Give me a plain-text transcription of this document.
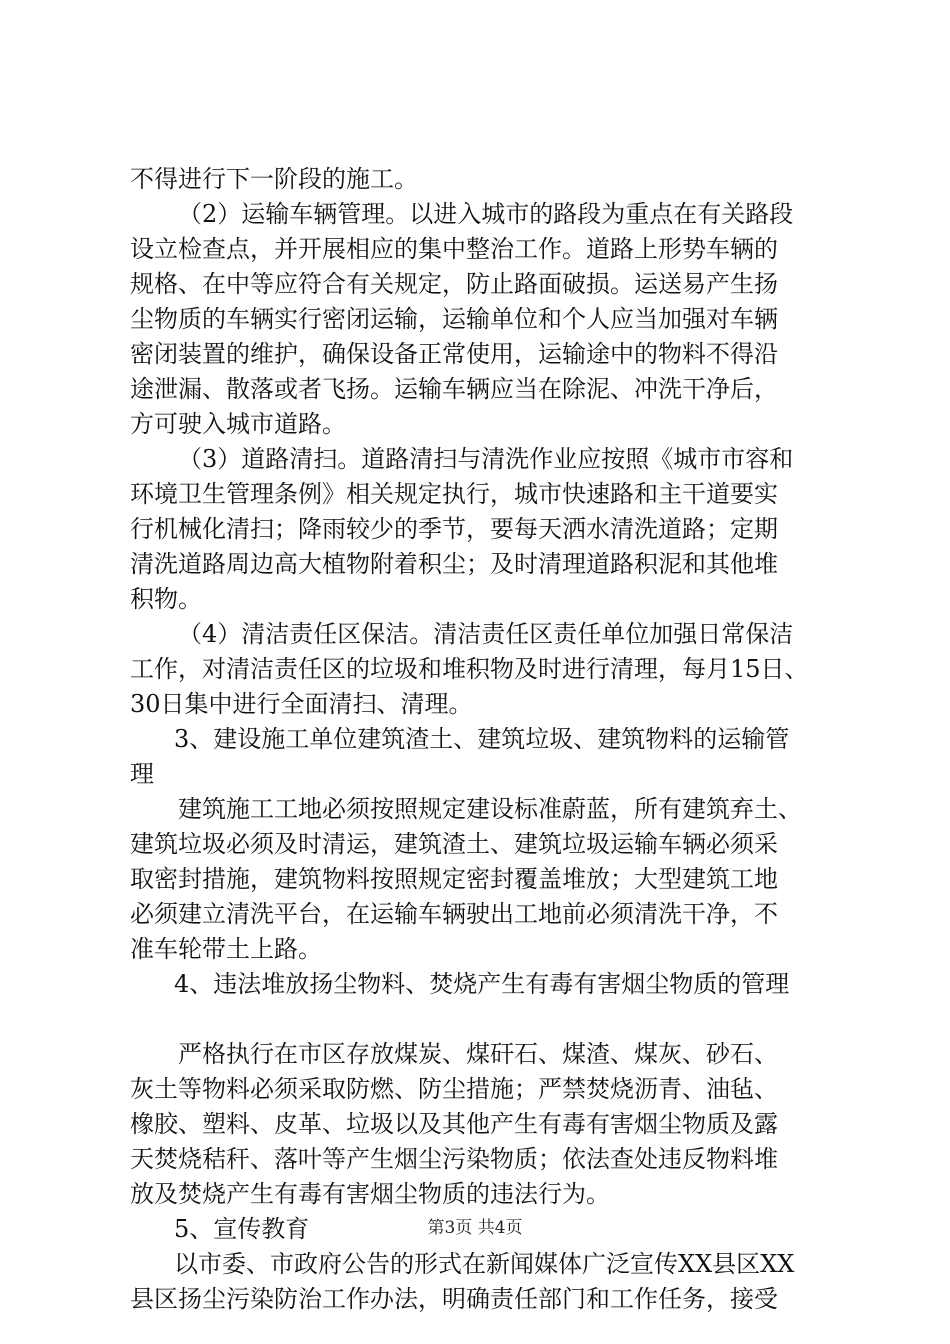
不得进行下一阶段的施工。
（2）运输车辆管理。以进入城市的路段为重点在有关路段
设立检查点，并开展相应的集中整治工作。道路上形势车辆的
规格、在中等应符合有关规定，防止路面破损。运送易产生扬
尘物质的车辆实行密闭运输，运输单位和个人应当加强对车辆
密闭装置的维护，确保设备正常使用，运输途中的物料不得沿
途泄漏、散落或者飞扬。运输车辆应当在除泥、冲洗干净后，
方可驶入城市道路。
（3）道路清扫。道路清扫与清洗作业应按照《城市市容和
环境卫生管理条例》相关规定执行，城市快速路和主干道要实
行机械化清扫；降雨较少的季节，要每天洒水清洗道路；定期
清洗道路周边高大植物附着积尘；及时清理道路积泥和其他堆
积物。
（4）清洁责任区保洁。清洁责任区责任单位加强日常保洁
工作，对清洁责任区的垃圾和堆积物及时进行清理，每月15日、
30日集中进行全面清扫、清理。
3、建设施工单位建筑渣土、建筑垃圾、建筑物料的运输管
理
建筑施工工地必须按照规定建设标准蔚蓝，所有建筑弃土、
建筑垃圾必须及时清运，建筑渣土、建筑垃圾运输车辆必须采
取密封措施，建筑物料按照规定密封覆盖堆放；大型建筑工地
必须建立清洗平台，在运输车辆驶出工地前必须清洗干净，不
准车轮带土上路。
4、违法堆放扬尘物料、焚烧产生有毒有害烟尘物质的管理
严格执行在市区存放煤炭、煤矸石、煤渣、煤灰、砂石、
灰土等物料必须采取防燃、防尘措施；严禁焚烧沥青、油毡、
橡胶、塑料、皮革、垃圾以及其他产生有毒有害烟尘物质及露
天焚烧秸秆、落叶等产生烟尘污染物质；依法查处违反物料堆
放及焚烧产生有毒有害烟尘物质的违法行为。
5、宣传教育
以市委、市政府公告的形式在新闻媒体广泛宣传XX县区XX
县区扬尘污染防治工作办法，明确责任部门和工作任务，接受
第3页 共4页
